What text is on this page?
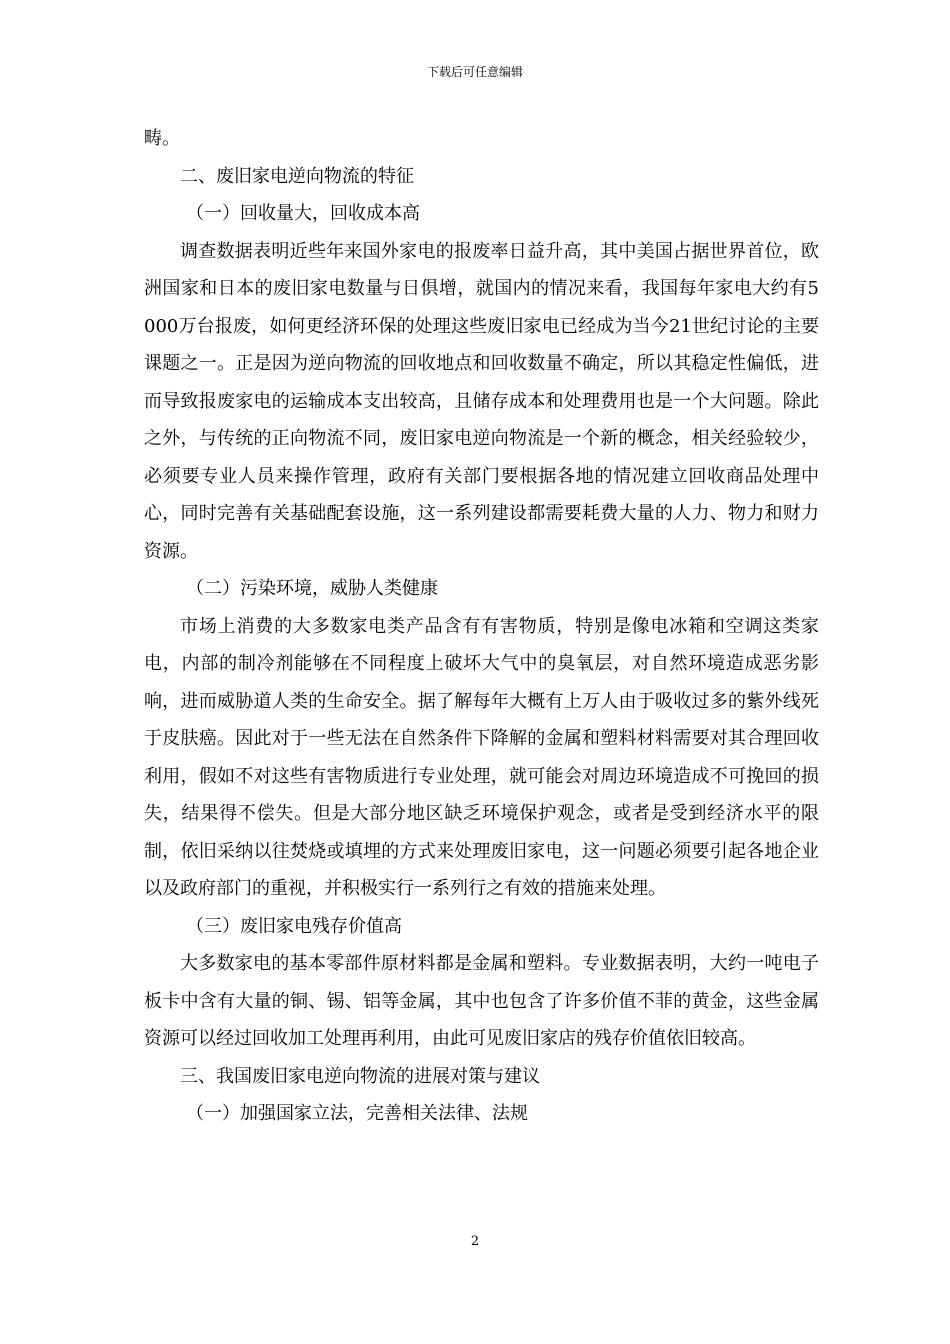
下载后可任意编辑

畴。

二、废旧家电逆向物流的特征

（一）回收量大，回收成本高

调查数据表明近些年来国外家电的报废率日益升高，其中美国占据世界首位，欧洲国家和日本的废旧家电数量与日俱增，就国内的情况来看，我国每年家电大约有5 000万台报废，如何更经济环保的处理这些废旧家电已经成为当今21世纪讨论的主要课题之一。正是因为逆向物流的回收地点和回收数量不确定，所以其稳定性偏低，进而导致报废家电的运输成本支出较高，且储存成本和处理费用也是一个大问题。除此之外，与传统的正向物流不同，废旧家电逆向物流是一个新的概念，相关经验较少，必须要专业人员来操作管理，政府有关部门要根据各地的情况建立回收商品处理中心，同时完善有关基础配套设施，这一系列建设都需要耗费大量的人力、物力和财力资源。

（二）污染环境，威胁人类健康

市场上消费的大多数家电类产品含有有害物质，特别是像电冰箱和空调这类家电，内部的制冷剂能够在不同程度上破坏大气中的臭氧层，对自然环境造成恶劣影响，进而威胁道人类的生命安全。据了解每年大概有上万人由于吸收过多的紫外线死于皮肤癌。因此对于一些无法在自然条件下降解的金属和塑料材料需要对其合理回收利用，假如不对这些有害物质进行专业处理，就可能会对周边环境造成不可挽回的损失，结果得不偿失。但是大部分地区缺乏环境保护观念，或者是受到经济水平的限制，依旧采纳以往焚烧或填埋的方式来处理废旧家电，这一问题必须要引起各地企业以及政府部门的重视，并积极实行一系列行之有效的措施来处理。

（三）废旧家电残存价值高

大多数家电的基本零部件原材料都是金属和塑料。专业数据表明，大约一吨电子板卡中含有大量的铜、锡、铝等金属，其中也包含了许多价值不菲的黄金，这些金属资源可以经过回收加工处理再利用，由此可见废旧家店的残存价值依旧较高。

三、我国废旧家电逆向物流的进展对策与建议

（一）加强国家立法，完善相关法律、法规

2
